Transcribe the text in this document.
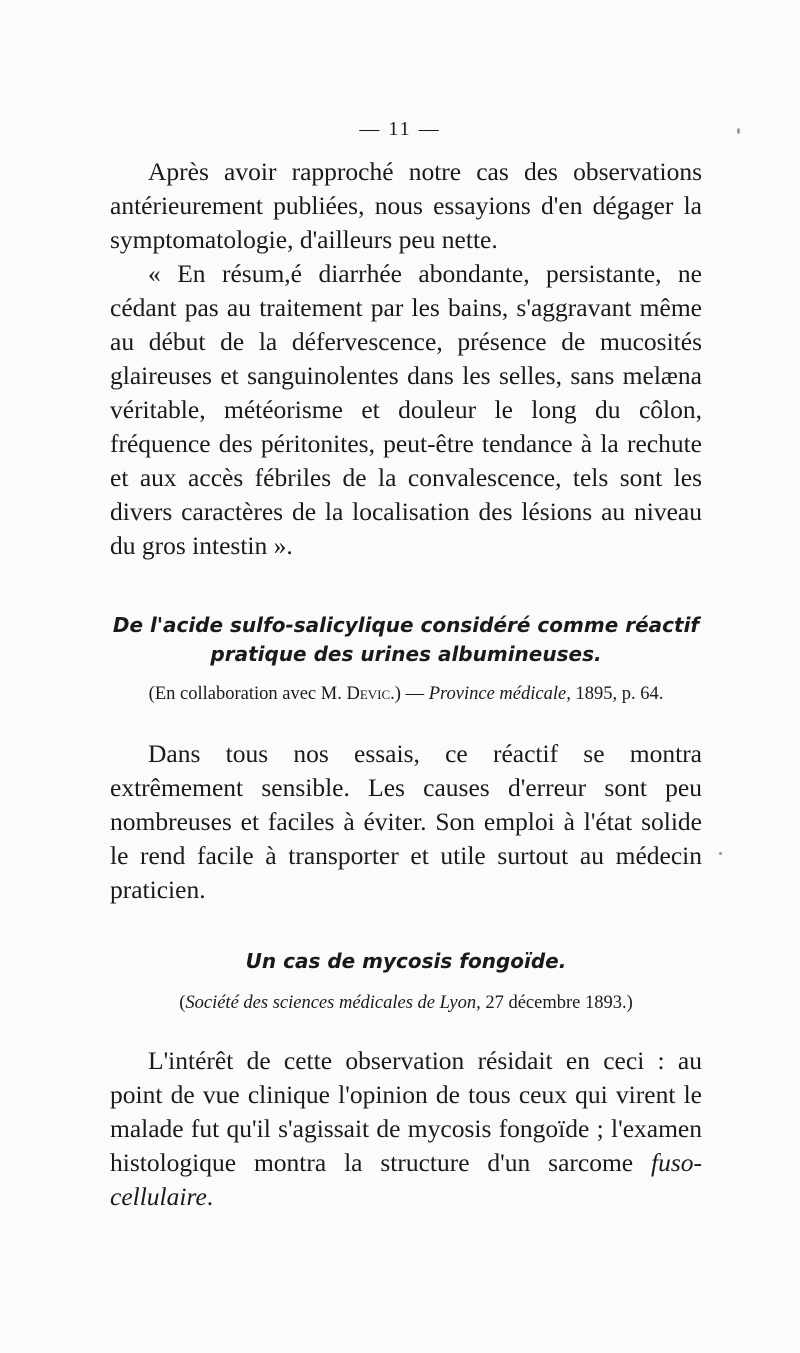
— 11 —

Après avoir rapproché notre cas des observations antérieurement publiées, nous essayions d'en dégager la symptomatologie, d'ailleurs peu nette.

« En résum,é diarrhée abondante, persistante, ne cédant pas au traitement par les bains, s'aggravant même au début de la défervescence, présence de mucosités glaireuses et sanguinolentes dans les selles, sans melæna véritable, météorisme et douleur le long du côlon, fréquence des péritonites, peut-être tendance à la rechute et aux accès fébriles de la convalescence, tels sont les divers caractères de la localisation des lésions au niveau du gros intestin ».

De l'acide sulfo-salicylique considéré comme réactif
pratique des urines albumineuses.

(En collaboration avec M. Devic.) — Province médicale, 1895, p. 64.

Dans tous nos essais, ce réactif se montra extrêmement sensible. Les causes d'erreur sont peu nombreuses et faciles à éviter. Son emploi à l'état solide le rend facile à transporter et utile surtout au médecin praticien.

Un cas de mycosis fongoïde.

(Société des sciences médicales de Lyon, 27 décembre 1893.)

L'intérêt de cette observation résidait en ceci : au point de vue clinique l'opinion de tous ceux qui virent le malade fut qu'il s'agissait de mycosis fongoïde ; l'examen histologique montra la structure d'un sarcome fuso-cellulaire.
